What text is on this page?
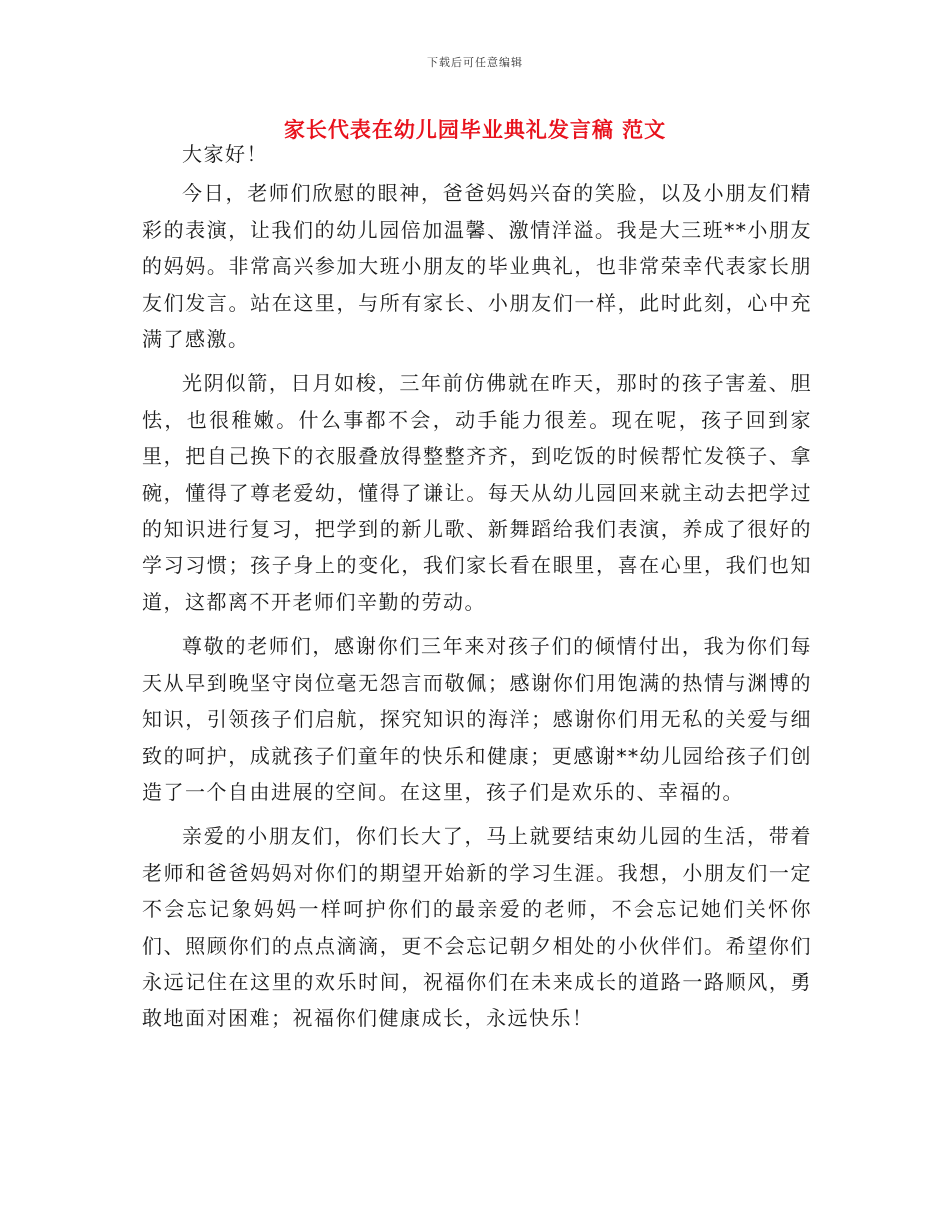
下载后可任意编辑
家长代表在幼儿园毕业典礼发言稿 范文

大家好！

今日，老师们欣慰的眼神，爸爸妈妈兴奋的笑脸，以及小朋友们精彩的表演，让我们的幼儿园倍加温馨、激情洋溢。我是大三班**小朋友的妈妈。非常高兴参加大班小朋友的毕业典礼，也非常荣幸代表家长朋友们发言。站在这里，与所有家长、小朋友们一样，此时此刻，心中充满了感激。

光阴似箭，日月如梭，三年前仿佛就在昨天，那时的孩子害羞、胆怯，也很稚嫩。什么事都不会，动手能力很差。现在呢，孩子回到家里，把自己换下的衣服叠放得整整齐齐，到吃饭的时候帮忙发筷子、拿碗，懂得了尊老爱幼，懂得了谦让。每天从幼儿园回来就主动去把学过的知识进行复习，把学到的新儿歌、新舞蹈给我们表演，养成了很好的学习习惯；孩子身上的变化，我们家长看在眼里，喜在心里，我们也知道，这都离不开老师们辛勤的劳动。

尊敬的老师们，感谢你们三年来对孩子们的倾情付出，我为你们每天从早到晚坚守岗位毫无怨言而敬佩；感谢你们用饱满的热情与渊博的知识，引领孩子们启航，探究知识的海洋；感谢你们用无私的关爱与细致的呵护，成就孩子们童年的快乐和健康；更感谢**幼儿园给孩子们创造了一个自由进展的空间。在这里，孩子们是欢乐的、幸福的。

亲爱的小朋友们，你们长大了，马上就要结束幼儿园的生活，带着老师和爸爸妈妈对你们的期望开始新的学习生涯。我想，小朋友们一定不会忘记象妈妈一样呵护你们的最亲爱的老师，不会忘记她们关怀你们、照顾你们的点点滴滴，更不会忘记朝夕相处的小伙伴们。希望你们永远记住在这里的欢乐时间，祝福你们在未来成长的道路一路顺风，勇敢地面对困难；祝福你们健康成长，永远快乐！
